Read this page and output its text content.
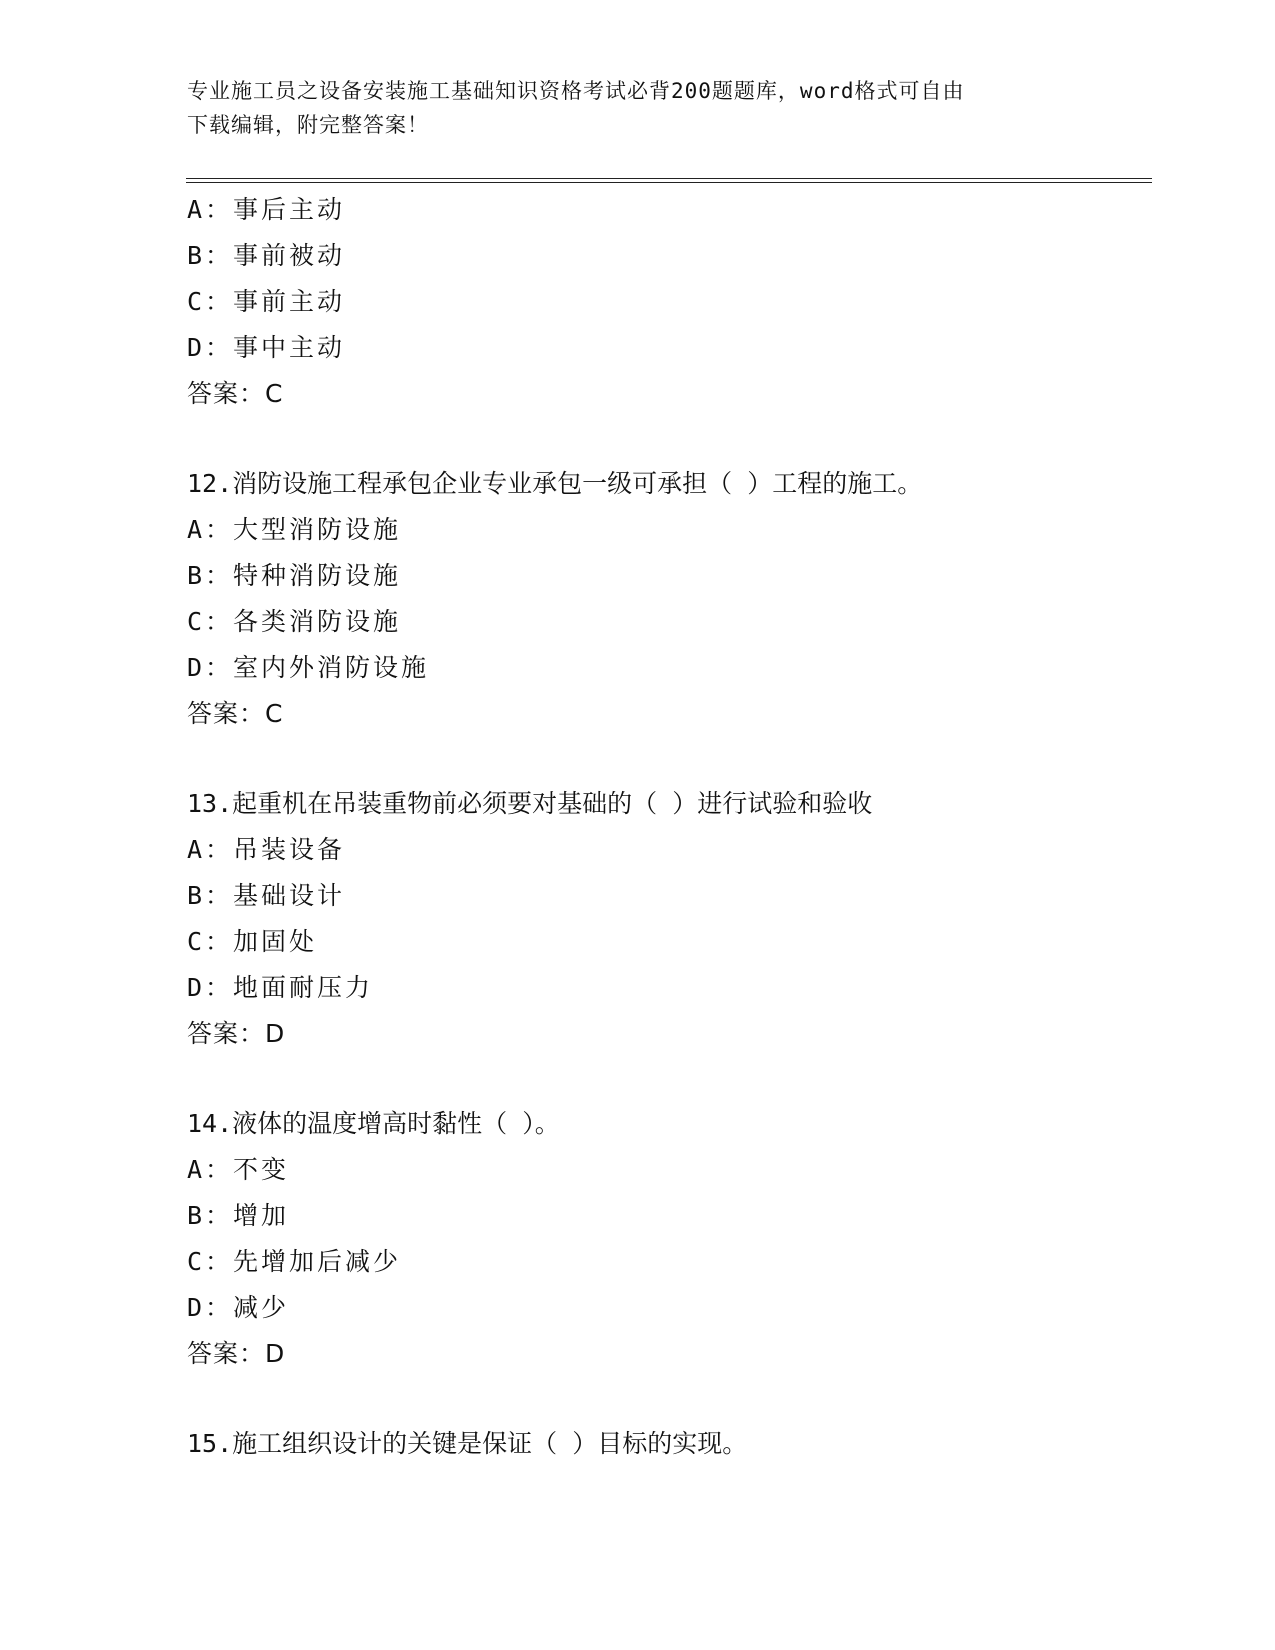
专业施工员之设备安装施工基础知识资格考试必背200题题库，word格式可自由
下载编辑，附完整答案！
A：事后主动
B：事前被动
C：事前主动
D：事中主动
答案：C
12.消防设施工程承包企业专业承包一级可承担（ ）工程的施工。
A：大型消防设施
B：特种消防设施
C：各类消防设施
D：室内外消防设施
答案：C
13.起重机在吊装重物前必须要对基础的（ ）进行试验和验收
A：吊装设备
B：基础设计
C：加固处
D：地面耐压力
答案：D
14.液体的温度增高时黏性（ ）。
A：不变
B：增加
C：先增加后减少
D：减少
答案：D
15.施工组织设计的关键是保证（ ）目标的实现。
